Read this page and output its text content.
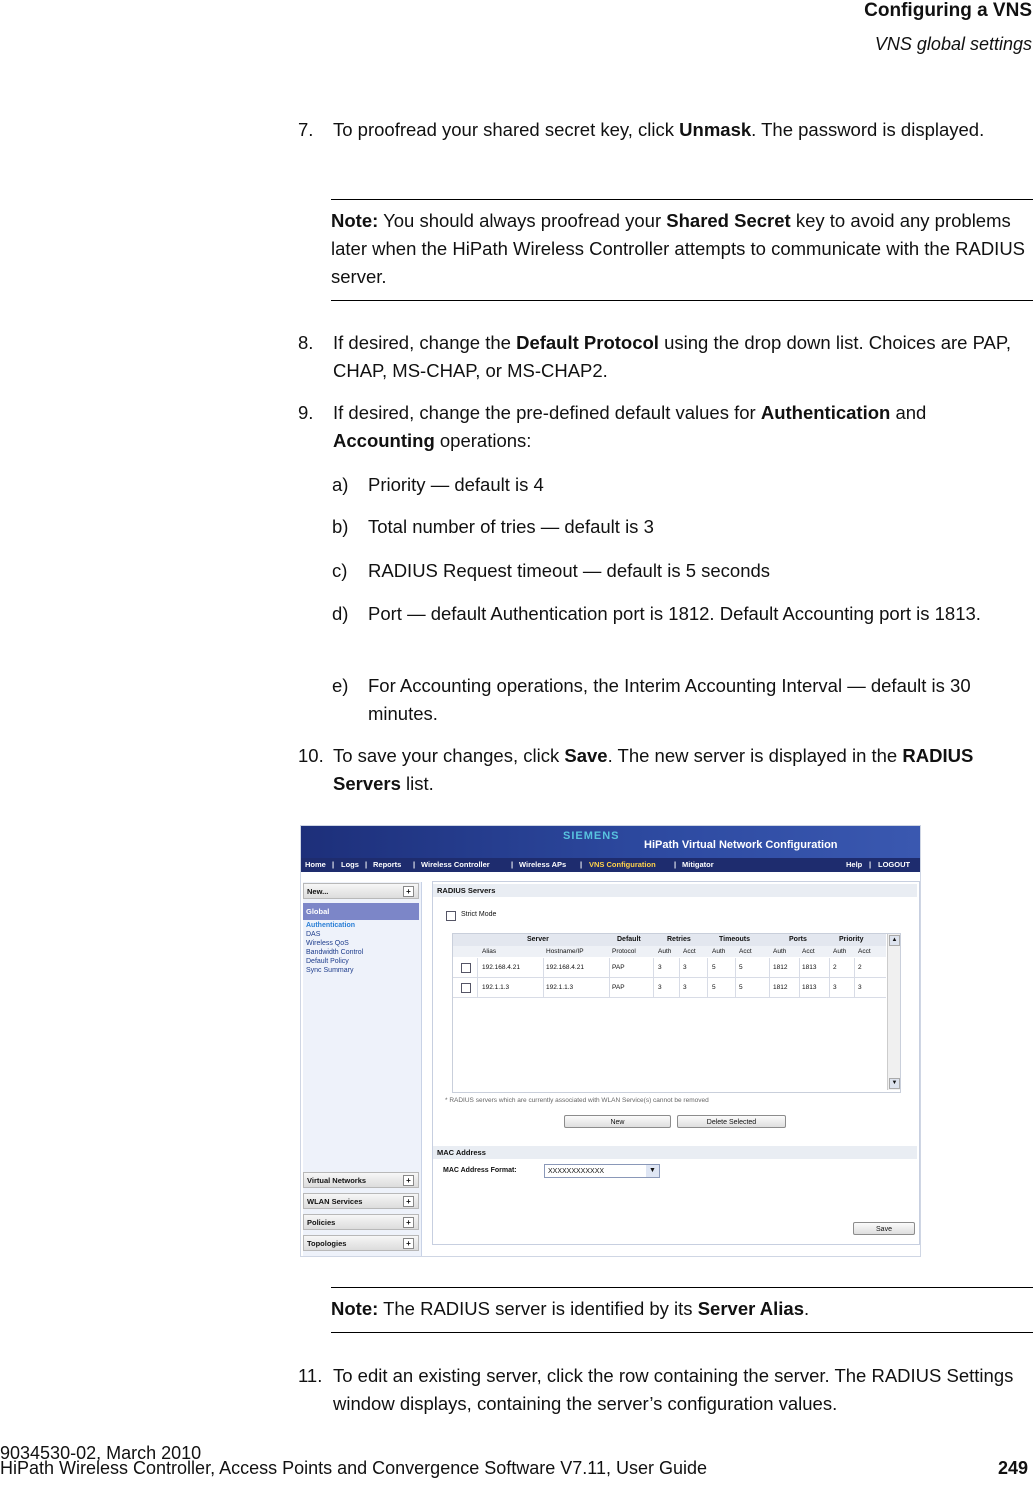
Configuring a VNS
VNS global settings
7. To proofread your shared secret key, click Unmask. The password is displayed.
Note: You should always proofread your Shared Secret key to avoid any problems later when the HiPath Wireless Controller attempts to communicate with the RADIUS server.
8. If desired, change the Default Protocol using the drop down list. Choices are PAP, CHAP, MS-CHAP, or MS-CHAP2.
9. If desired, change the pre-defined default values for Authentication and Accounting operations:
a) Priority — default is 4
b) Total number of tries — default is 3
c) RADIUS Request timeout — default is 5 seconds
d) Port — default Authentication port is 1812. Default Accounting port is 1813.
e) For Accounting operations, the Interim Accounting Interval — default is 30 minutes.
10. To save your changes, click Save. The new server is displayed in the RADIUS Servers list.
SIEMENS
HiPath Virtual Network Configuration
Home | Logs | Reports | Wireless Controller	| Wireless APs | VNS Configuration | Mitigator	Help | LOGOUT
New...	+
Global
Authentication
DAS
Wireless QoS
Bandwidth Control
Default Policy
Sync Summary
Virtual Networks	+
WLAN Services	+
Policies	+
Topologies	+
RADIUS Servers
Strict Mode
Server	Default	Retries	Timeouts	Ports	Priority
Alias	Hostname/IP	Protocol	Auth Acct	Auth Acct	Auth Acct	Auth Acct
192.168.4.21	192.168.4.21	PAP	3	3	5	5	1812 1813	2	2
192.1.1.3	192.1.1.3	PAP	3	3	5	5	1812 1813	3	3
▲
▼
* RADIUS servers which are currently associated with WLAN Service(s) cannot be removed
New	Delete Selected
MAC Address
MAC Address Format:	XXXXXXXXXXXX	▼
Save
Note: The RADIUS server is identified by its Server Alias.
11. To edit an existing server, click the row containing the server. The RADIUS Settings window displays, containing the server’s configuration values.
9034530-02, March 2010
HiPath Wireless Controller, Access Points and Convergence Software V7.11, User Guide	249
